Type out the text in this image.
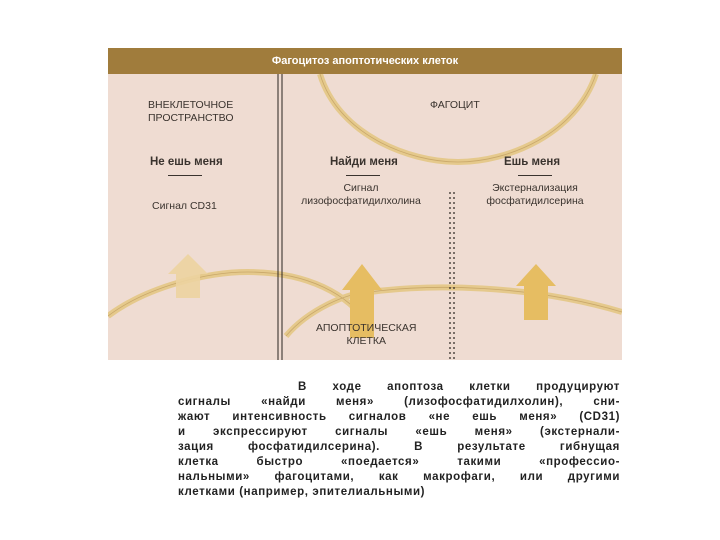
Фагоцитоз апоптотических клеток
ВНЕКЛЕТОЧНОЕ
ПРОСТРАНСТВО
ФАГОЦИТ
Не ешь меня
Сигнал CD31
Найди меня
Сигнал
лизофосфатидилхолина
Ешь меня
Экстернализация
фосфатидилсерина
АПОПТОТИЧЕСКАЯ
КЛЕТКА
В ходе апоптоза клетки продуцируют
сигналы «найди меня» (лизофосфатидилхолин), сни-
жают интенсивность сигналов «не ешь меня» (CD31)
и экспрессируют сигналы «ешь меня» (экстернали-
зация фосфатидилсерина). В результате гибнущая
клетка быстро «поедается» такими «профессио-
нальными» фагоцитами, как макрофаги, или другими
клетками (например, эпителиальными)
